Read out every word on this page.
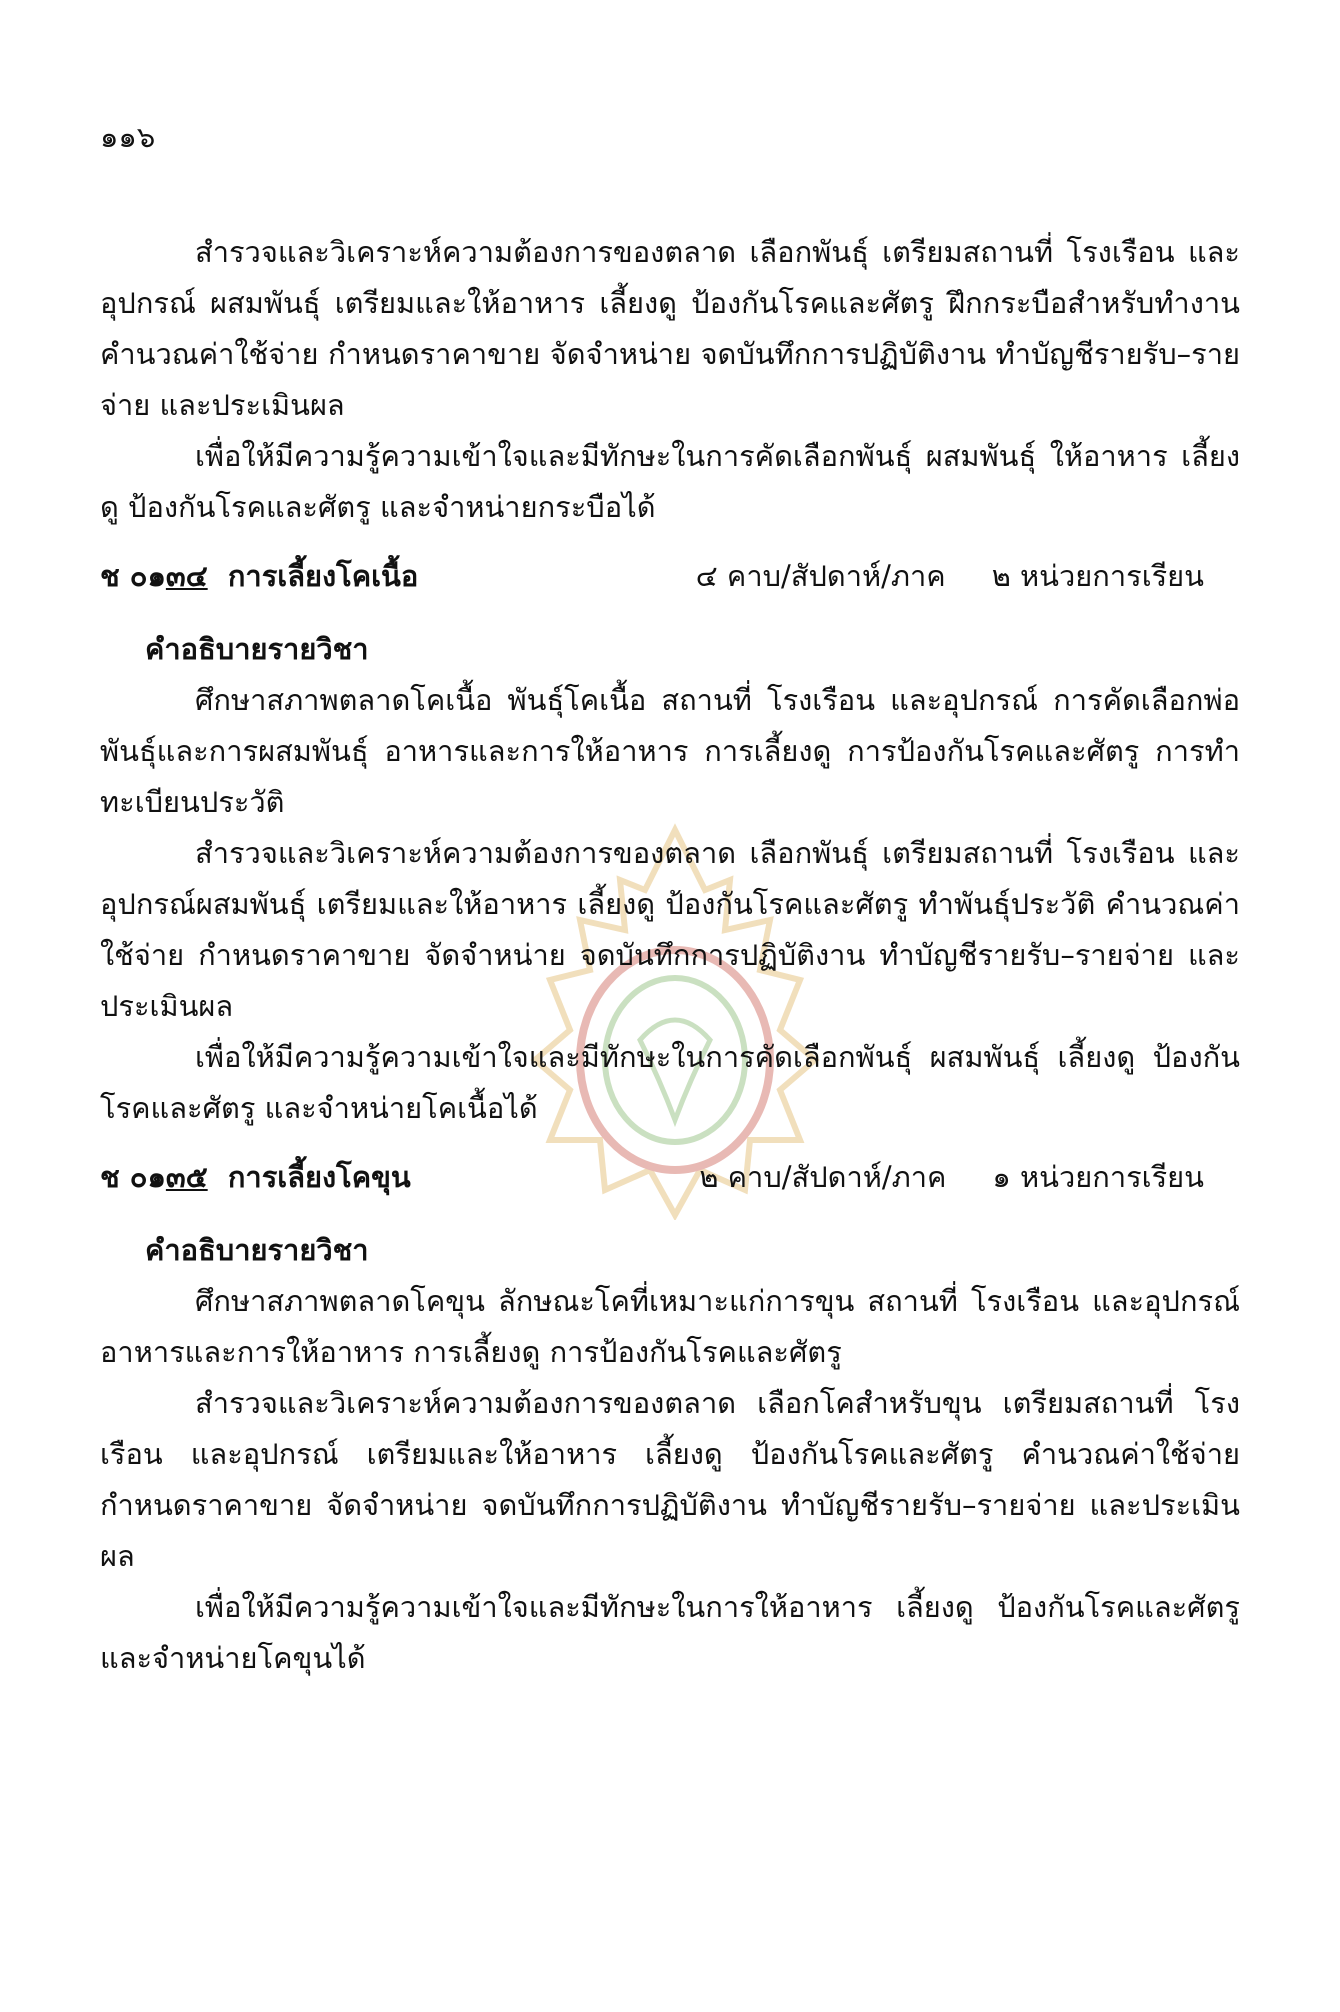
๑๑๖

สำรวจและวิเคราะห์ความต้องการของตลาด เลือกพันธุ์ เตรียมสถานที่ โรงเรือน และอุปกรณ์ ผสมพันธุ์ เตรียมและให้อาหาร เลี้ยงดู ป้องกันโรคและศัตรู ฝึกกระบือสำหรับทำงาน คำนวณค่าใช้จ่าย กำหนดราคาขาย จัดจำหน่าย จดบันทึกการปฏิบัติงาน ทำบัญชีรายรับ–รายจ่าย และประเมินผล

เพื่อให้มีความรู้ความเข้าใจและมีทักษะในการคัดเลือกพันธุ์ ผสมพันธุ์ ให้อาหาร เลี้ยงดู ป้องกันโรคและศัตรู และจำหน่ายกระบือได้

ช ๐๑๓๔ การเลี้ยงโคเนื้อ	๔ คาบ/สัปดาห์/ภาค ๒ หน่วยการเรียน
คำอธิบายรายวิชา

ศึกษาสภาพตลาดโคเนื้อ พันธุ์โคเนื้อ สถานที่ โรงเรือน และอุปกรณ์ การคัดเลือกพ่อพันธุ์และการผสมพันธุ์ อาหารและการให้อาหาร การเลี้ยงดู การป้องกันโรคและศัตรู การทำทะเบียนประวัติ

สำรวจและวิเคราะห์ความต้องการของตลาด เลือกพันธุ์ เตรียมสถานที่ โรงเรือน และอุปกรณ์ผสมพันธุ์ เตรียมและให้อาหาร เลี้ยงดู ป้องกันโรคและศัตรู ทำพันธุ์ประวัติ คำนวณค่าใช้จ่าย กำหนดราคาขาย จัดจำหน่าย จดบันทึกการปฏิบัติงาน ทำบัญชีรายรับ–รายจ่าย และประเมินผล

เพื่อให้มีความรู้ความเข้าใจและมีทักษะในการคัดเลือกพันธุ์ ผสมพันธุ์ เลี้ยงดู ป้องกันโรคและศัตรู และจำหน่ายโคเนื้อได้

ช ๐๑๓๕ การเลี้ยงโคขุน	๒ คาบ/สัปดาห์/ภาค ๑ หน่วยการเรียน
คำอธิบายรายวิชา

ศึกษาสภาพตลาดโคขุน ลักษณะโคที่เหมาะแก่การขุน สถานที่ โรงเรือน และอุปกรณ์ อาหารและการให้อาหาร การเลี้ยงดู การป้องกันโรคและศัตรู

สำรวจและวิเคราะห์ความต้องการของตลาด เลือกโคสำหรับขุน เตรียมสถานที่ โรงเรือน และอุปกรณ์ เตรียมและให้อาหาร เลี้ยงดู ป้องกันโรคและศัตรู คำนวณค่าใช้จ่าย กำหนดราคาขาย จัดจำหน่าย จดบันทึกการปฏิบัติงาน ทำบัญชีรายรับ–รายจ่าย และประเมินผล

เพื่อให้มีความรู้ความเข้าใจและมีทักษะในการให้อาหาร เลี้ยงดู ป้องกันโรคและศัตรู และจำหน่ายโคขุนได้
